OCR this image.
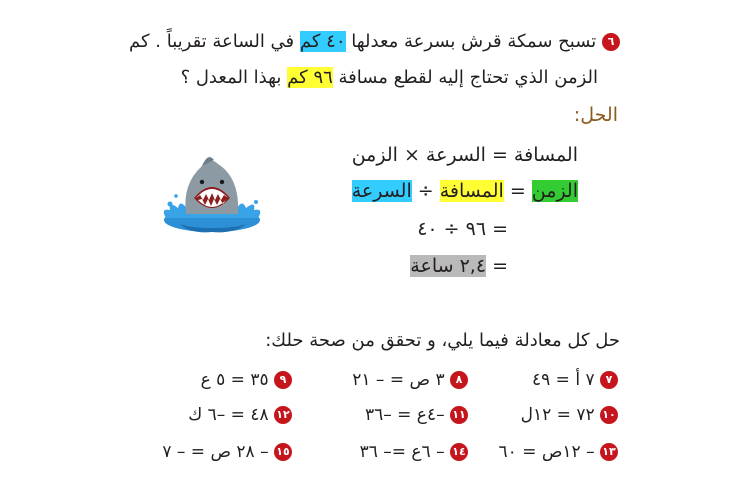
٦ تسبح سمكة قرش بسرعة معدلها ٤٠ كم في الساعة تقريباً . كم
الزمن الذي تحتاج إليه لقطع مسافة ٩٦ كم بهذا المعدل ؟
الحل:
المسافة = السرعة × الزمن
الزمن = المسافة ÷ السرعة
= ٩٦ ÷ ٤٠
= ٢,٤ ساعة
حل كل معادلة فيما يلي، و تحقق من صحة حلك:
٧ ٧ أ = ٤٩
٨ ٣ ص = – ٢١
٩ ٣٥ = ٥ ع
١٠ ٧٢ = ١٢ل
١١ –٤ع = –٣٦
١٢ ٤٨ = –٦ ك
١٣ – ١٢ص = ٦٠
١٤ – ٦ع =– ٣٦
١٥ – ٢٨ ص = – ٧
